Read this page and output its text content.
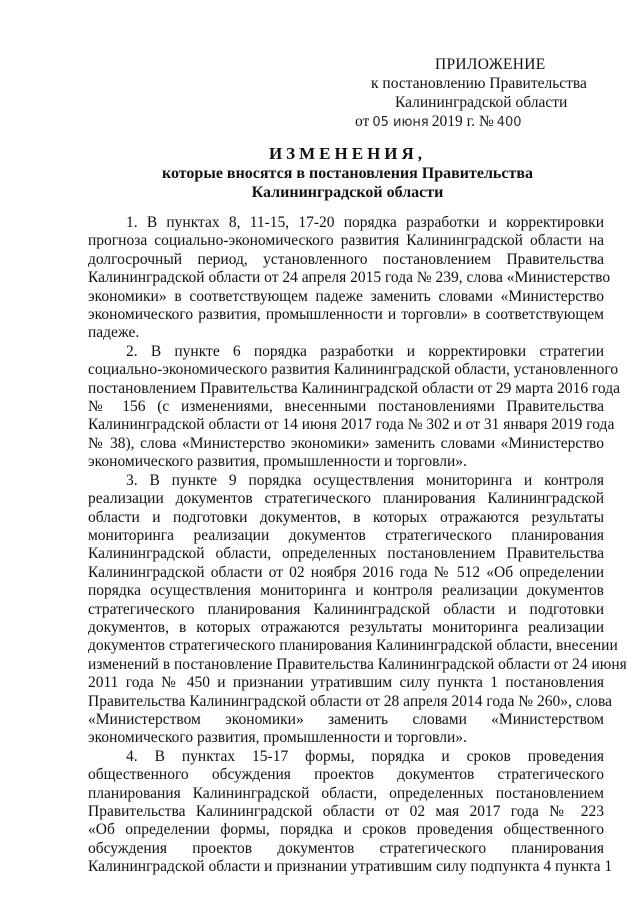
ПРИЛОЖЕНИЕ
к постановлению Правительства
Калининградской области
от 05 июня 2019 г. № 400
ИЗМЕНЕНИЯ,
которые вносятся в постановления Правительства
Калининградской области
1. В пунктах 8, 11-15, 17-20 порядка разработки и корректировки
прогноза социально-экономического развития Калининградской области на
долгосрочный период, установленного постановлением Правительства
Калининградской области от 24 апреля 2015 года № 239, слова «Министерство
экономики» в соответствующем падеже заменить словами «Министерство
экономического развития, промышленности и торговли» в соответствующем
падеже.
2. В пункте 6 порядка разработки и корректировки стратегии
социально-экономического развития Калининградской области, установленного
постановлением Правительства Калининградской области от 29 марта 2016 года
№ 156 (с изменениями, внесенными постановлениями Правительства
Калининградской области от 14 июня 2017 года № 302 и от 31 января 2019 года
№ 38), слова «Министерство экономики» заменить словами «Министерство
экономического развития, промышленности и торговли».
3. В пункте 9 порядка осуществления мониторинга и контроля
реализации документов стратегического планирования Калининградской
области и подготовки документов, в которых отражаются результаты
мониторинга реализации документов стратегического планирования
Калининградской области, определенных постановлением Правительства
Калининградской области от 02 ноября 2016 года № 512 «Об определении
порядка осуществления мониторинга и контроля реализации документов
стратегического планирования Калининградской области и подготовки
документов, в которых отражаются результаты мониторинга реализации
документов стратегического планирования Калининградской области, внесении
изменений в постановление Правительства Калининградской области от 24 июня
2011 года № 450 и признании утратившим силу пункта 1 постановления
Правительства Калининградской области от 28 апреля 2014 года № 260», слова
«Министерством экономики» заменить словами «Министерством
экономического развития, промышленности и торговли».
4. В пунктах 15-17 формы, порядка и сроков проведения
общественного обсуждения проектов документов стратегического
планирования Калининградской области, определенных постановлением
Правительства Калининградской области от 02 мая 2017 года № 223
«Об определении формы, порядка и сроков проведения общественного
обсуждения проектов документов стратегического планирования
Калининградской области и признании утратившим силу подпункта 4 пункта 1
